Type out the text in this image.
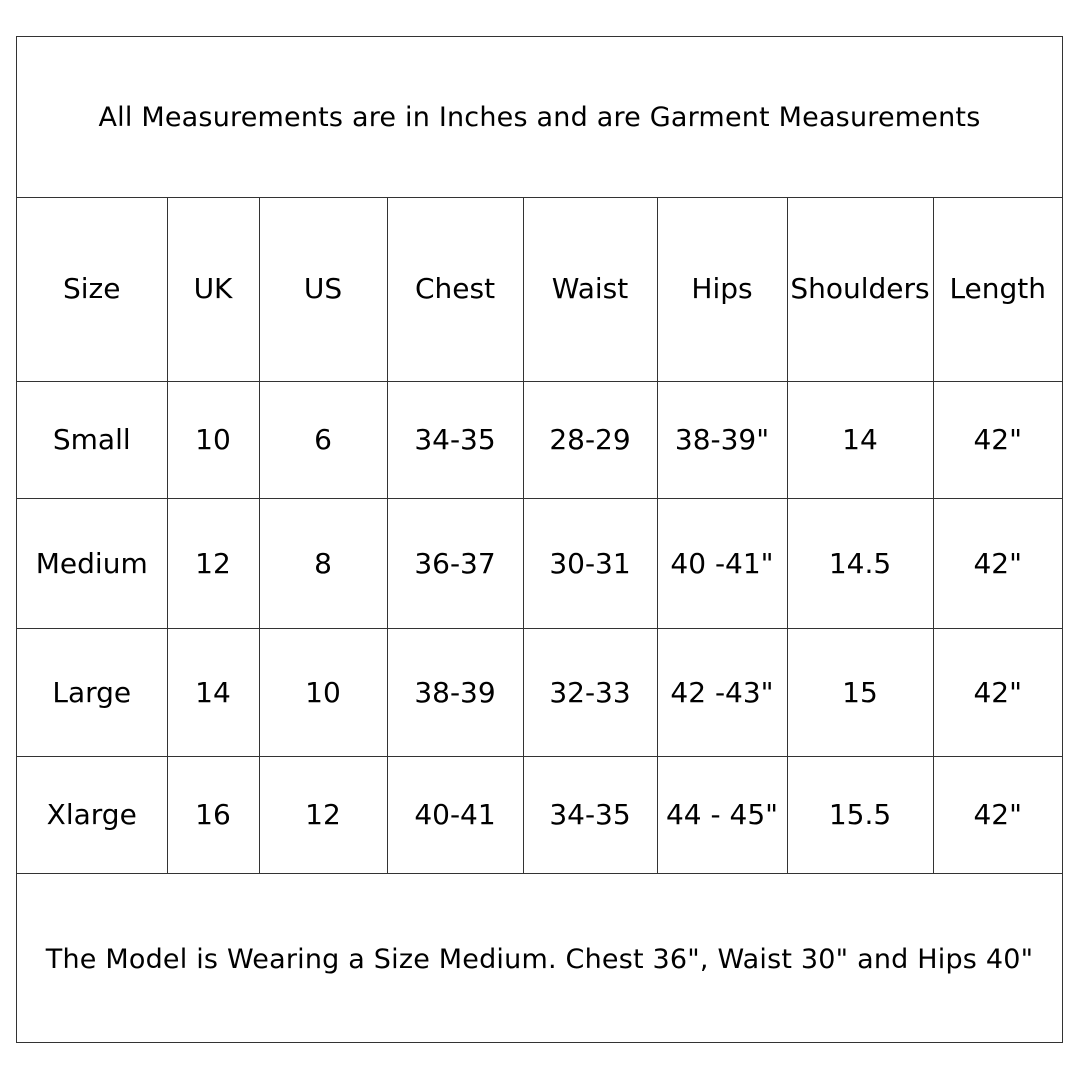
All Measurements are in Inches and are Garment Measurements
Size	UK	US	Chest	Waist	Hips	Shoulders	Length
Small	10	6	34-35	28-29	38-39"	14	42"
Medium	12	8	36-37	30-31	40 -41"	14.5	42"
Large	14	10	38-39	32-33	42 -43"	15	42"
Xlarge	16	12	40-41	34-35	44 - 45"	15.5	42"
The Model is Wearing a Size Medium. Chest 36", Waist 30" and Hips 40"
